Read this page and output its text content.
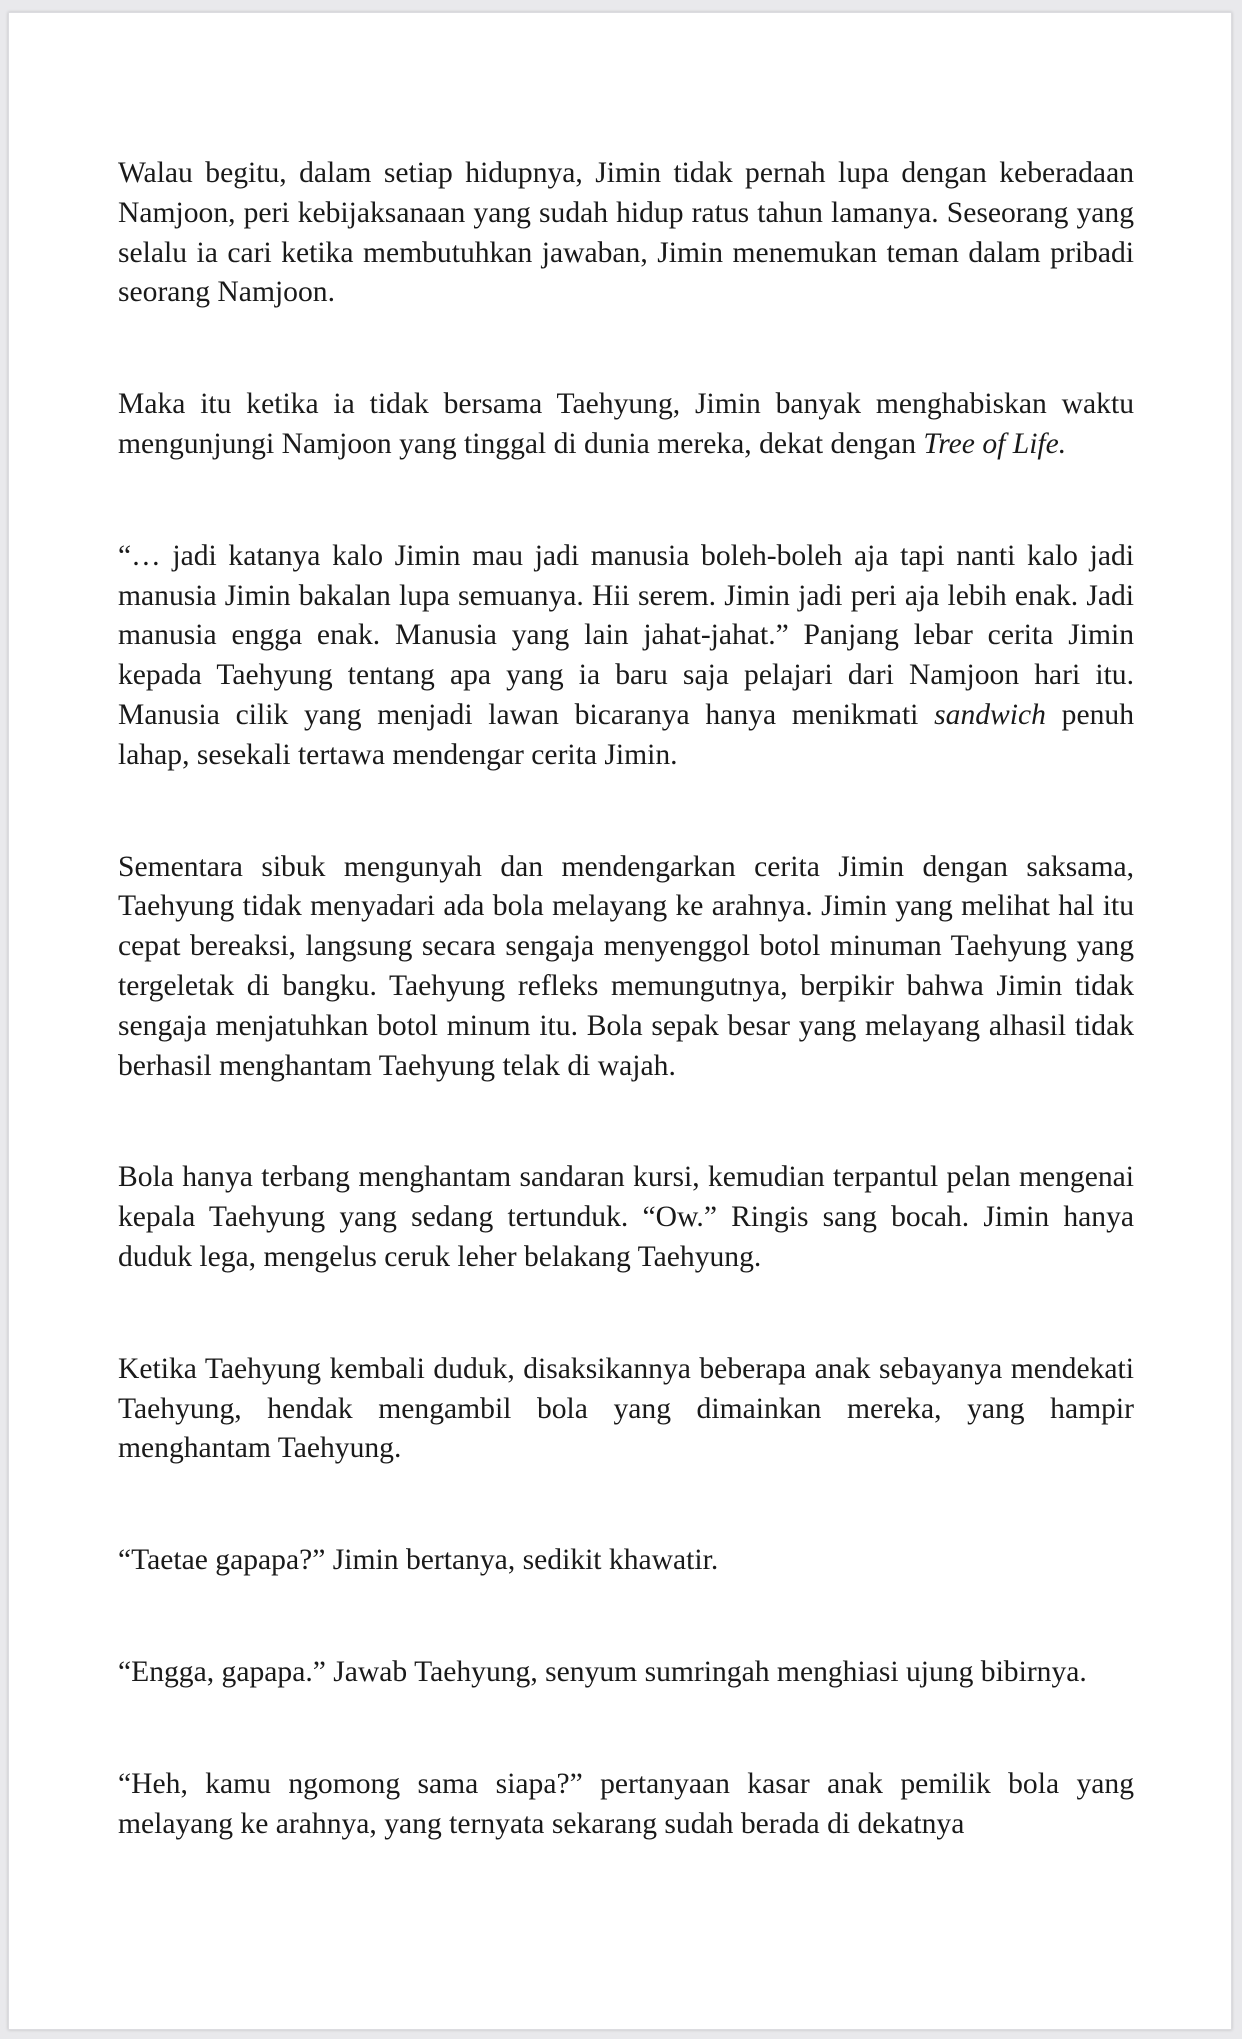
Walau begitu, dalam setiap hidupnya, Jimin tidak pernah lupa dengan keberadaan Namjoon, peri kebijaksanaan yang sudah hidup ratus tahun lamanya. Seseorang yang selalu ia cari ketika membutuhkan jawaban, Jimin menemukan teman dalam pribadi seorang Namjoon.

Maka itu ketika ia tidak bersama Taehyung, Jimin banyak menghabiskan waktu mengunjungi Namjoon yang tinggal di dunia mereka, dekat dengan Tree of Life.

“… jadi katanya kalo Jimin mau jadi manusia boleh-boleh aja tapi nanti kalo jadi manusia Jimin bakalan lupa semuanya. Hii serem. Jimin jadi peri aja lebih enak. Jadi manusia engga enak. Manusia yang lain jahat-jahat.” Panjang lebar cerita Jimin kepada Taehyung tentang apa yang ia baru saja pelajari dari Namjoon hari itu. Manusia cilik yang menjadi lawan bicaranya hanya menikmati sandwich penuh lahap, sesekali tertawa mendengar cerita Jimin.

Sementara sibuk mengunyah dan mendengarkan cerita Jimin dengan saksama, Taehyung tidak menyadari ada bola melayang ke arahnya. Jimin yang melihat hal itu cepat bereaksi, langsung secara sengaja menyenggol botol minuman Taehyung yang tergeletak di bangku. Taehyung refleks memungutnya, berpikir bahwa Jimin tidak sengaja menjatuhkan botol minum itu. Bola sepak besar yang melayang alhasil tidak berhasil menghantam Taehyung telak di wajah.

Bola hanya terbang menghantam sandaran kursi, kemudian terpantul pelan mengenai kepala Taehyung yang sedang tertunduk. “Ow.” Ringis sang bocah. Jimin hanya duduk lega, mengelus ceruk leher belakang Taehyung.

Ketika Taehyung kembali duduk, disaksikannya beberapa anak sebayanya mendekati Taehyung, hendak mengambil bola yang dimainkan mereka, yang hampir menghantam Taehyung.

“Taetae gapapa?” Jimin bertanya, sedikit khawatir.

“Engga, gapapa.” Jawab Taehyung, senyum sumringah menghiasi ujung bibirnya.

“Heh, kamu ngomong sama siapa?” pertanyaan kasar anak pemilik bola yang melayang ke arahnya, yang ternyata sekarang sudah berada di dekatnya
